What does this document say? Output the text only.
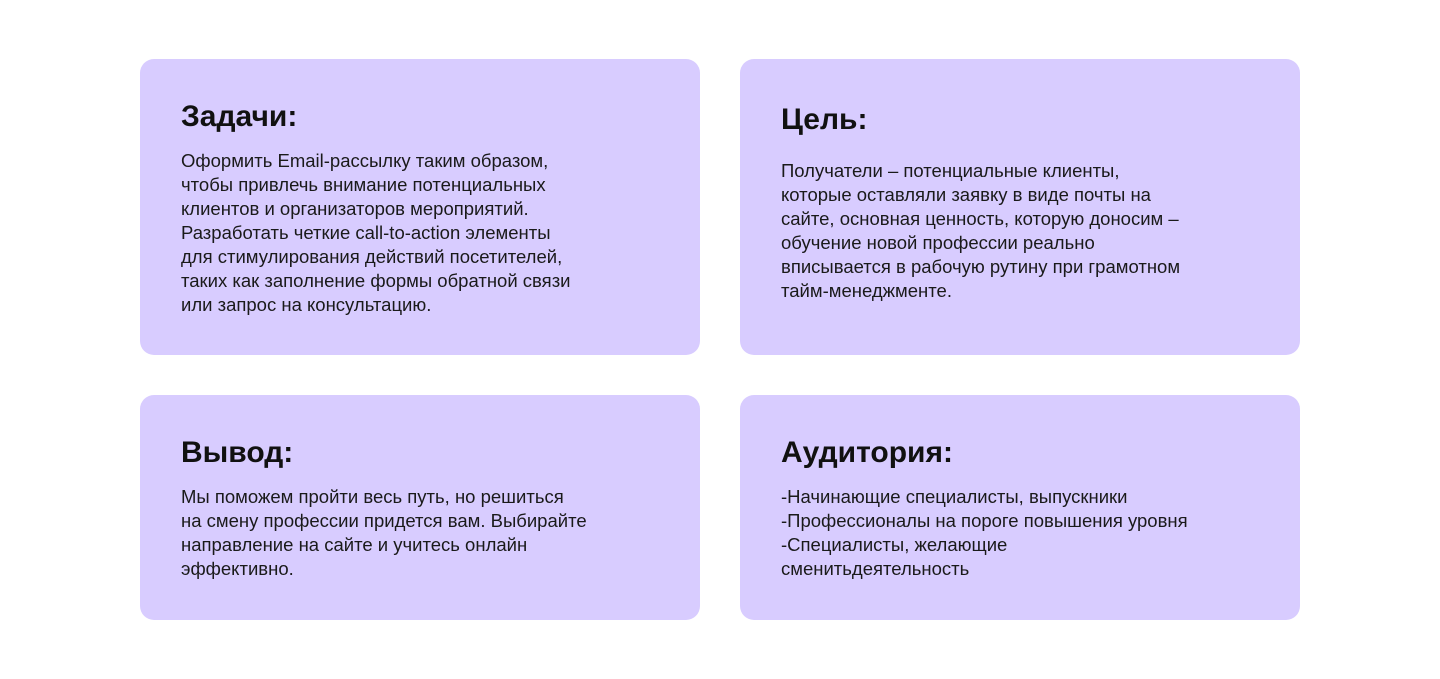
Задачи:
Оформить Email-рассылку таким образом,
чтобы привлечь внимание потенциальных
клиентов и организаторов мероприятий.
Разработать четкие call-to-action элементы
для стимулирования действий посетителей,
таких как заполнение формы обратной связи
или запрос на консультацию.
Цель:
Получатели – потенциальные клиенты,
которые оставляли заявку в виде почты на
сайте, основная ценность, которую доносим –
обучение новой профессии реально
вписывается в рабочую рутину при грамотном
тайм-менеджменте.
Вывод:
Мы поможем пройти весь путь, но решиться
на смену профессии придется вам. Выбирайте
направление на сайте и учитесь онлайн
эффективно.
Аудитория:
-Начинающие специалисты, выпускники
-Профессионалы на пороге повышения уровня
-Специалисты, желающие
сменитьдеятельность
